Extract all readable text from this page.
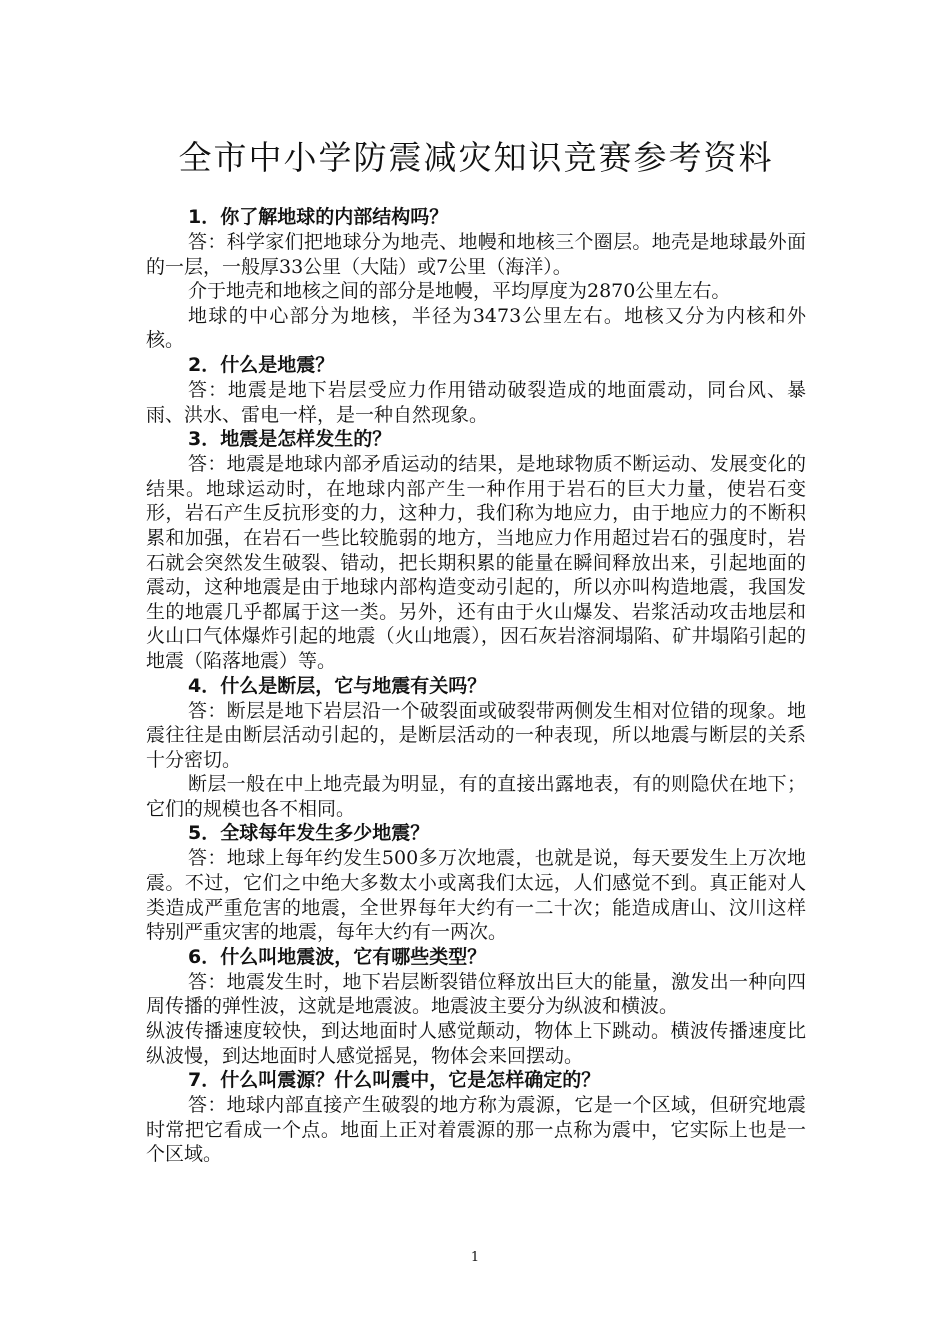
全市中小学防震减灾知识竞赛参考资料

1．你了解地球的内部结构吗？

答：科学家们把地球分为地壳、地幔和地核三个圈层。地壳是地球最外面的一层，一般厚33公里（大陆）或7公里（海洋）。

介于地壳和地核之间的部分是地幔，平均厚度为2870公里左右。

地球的中心部分为地核，半径为3473公里左右。地核又分为内核和外核。

2．什么是地震？

答：地震是地下岩层受应力作用错动破裂造成的地面震动，同台风、暴雨、洪水、雷电一样，是一种自然现象。

3．地震是怎样发生的？

答：地震是地球内部矛盾运动的结果，是地球物质不断运动、发展变化的结果。地球运动时，在地球内部产生一种作用于岩石的巨大力量，使岩石变形，岩石产生反抗形变的力，这种力，我们称为地应力，由于地应力的不断积累和加强，在岩石一些比较脆弱的地方，当地应力作用超过岩石的强度时，岩石就会突然发生破裂、错动，把长期积累的能量在瞬间释放出来，引起地面的震动，这种地震是由于地球内部构造变动引起的，所以亦叫构造地震，我国发生的地震几乎都属于这一类。另外，还有由于火山爆发、岩浆活动攻击地层和火山口气体爆炸引起的地震（火山地震），因石灰岩溶洞塌陷、矿井塌陷引起的地震（陷落地震）等。

4．什么是断层，它与地震有关吗？

答：断层是地下岩层沿一个破裂面或破裂带两侧发生相对位错的现象。地震往往是由断层活动引起的，是断层活动的一种表现，所以地震与断层的关系十分密切。

断层一般在中上地壳最为明显，有的直接出露地表，有的则隐伏在地下；它们的规模也各不相同。

5．全球每年发生多少地震？

答：地球上每年约发生500多万次地震，也就是说，每天要发生上万次地震。不过，它们之中绝大多数太小或离我们太远，人们感觉不到。真正能对人类造成严重危害的地震，全世界每年大约有一二十次；能造成唐山、汶川这样特别严重灾害的地震，每年大约有一两次。

6．什么叫地震波，它有哪些类型？

答：地震发生时，地下岩层断裂错位释放出巨大的能量，激发出一种向四周传播的弹性波，这就是地震波。地震波主要分为纵波和横波。

纵波传播速度较快，到达地面时人感觉颠动，物体上下跳动。横波传播速度比纵波慢，到达地面时人感觉摇晃，物体会来回摆动。

7．什么叫震源？什么叫震中，它是怎样确定的？

答：地球内部直接产生破裂的地方称为震源，它是一个区域，但研究地震时常把它看成一个点。地面上正对着震源的那一点称为震中，它实际上也是一个区域。

1
